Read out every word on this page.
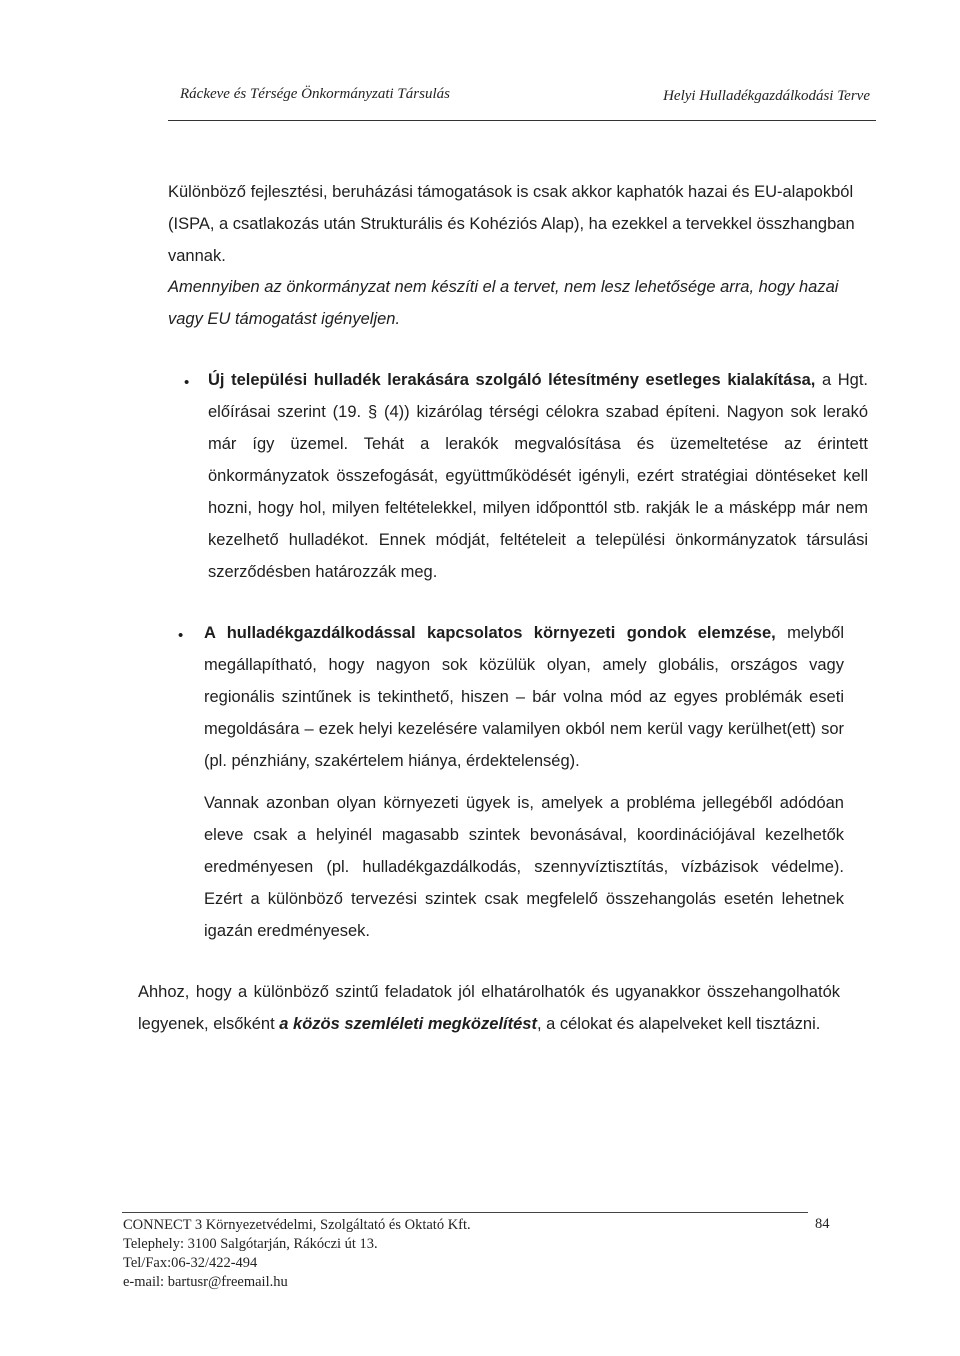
Ráckeve és Térsége Önkormányzati Társulás	Helyi Hulladékgazdálkodási Terve
Különböző fejlesztési, beruházási támogatások is csak akkor kaphatók hazai és EU-alapokból (ISPA, a csatlakozás után Strukturális és Kohéziós Alap), ha ezekkel a tervekkel összhangban vannak.
Amennyiben az önkormányzat nem készíti el a tervet, nem lesz lehetősége arra, hogy hazai vagy EU támogatást igényeljen.
• Új települési hulladék lerakására szolgáló létesítmény esetleges kialakítása, a Hgt. előírásai szerint (19. § (4)) kizárólag térségi célokra szabad építeni. Nagyon sok lerakó már így üzemel. Tehát a lerakók megvalósítása és üzemeltetése az érintett önkormányzatok összefogását, együttműködését igényli, ezért stratégiai döntéseket kell hozni, hogy hol, milyen feltételekkel, milyen időponttól stb. rakják le a másképp már nem kezelhető hulladékot. Ennek módját, feltételeit a települési önkormányzatok társulási szerződésben határozzák meg.
• A hulladékgazdálkodással kapcsolatos környezeti gondok elemzése, melyből megállapítható, hogy nagyon sok közülük olyan, amely globális, országos vagy regionális szintűnek is tekinthető, hiszen – bár volna mód az egyes problémák eseti megoldására – ezek helyi kezelésére valamilyen okból nem kerül vagy kerülhet(ett) sor (pl. pénzhiány, szakértelem hiánya, érdektelenség).
Vannak azonban olyan környezeti ügyek is, amelyek a probléma jellegéből adódóan eleve csak a helyinél magasabb szintek bevonásával, koordinációjával kezelhetők eredményesen (pl. hulladékgazdálkodás, szennyvíztisztítás, vízbázisok védelme). Ezért a különböző tervezési szintek csak megfelelő összehangolás esetén lehetnek igazán eredményesek.
Ahhoz, hogy a különböző szintű feladatok jól elhatárolhatók és ugyanakkor összehangolhatók legyenek, elsőként a közös szemléleti megközelítést, a célokat és alapelveket kell tisztázni.
CONNECT 3 Környezetvédelmi, Szolgáltató és Oktató Kft.
Telephely: 3100 Salgótarján, Rákóczi út 13.
Tel/Fax:06-32/422-494
e-mail: bartusr@freemail.hu
84
